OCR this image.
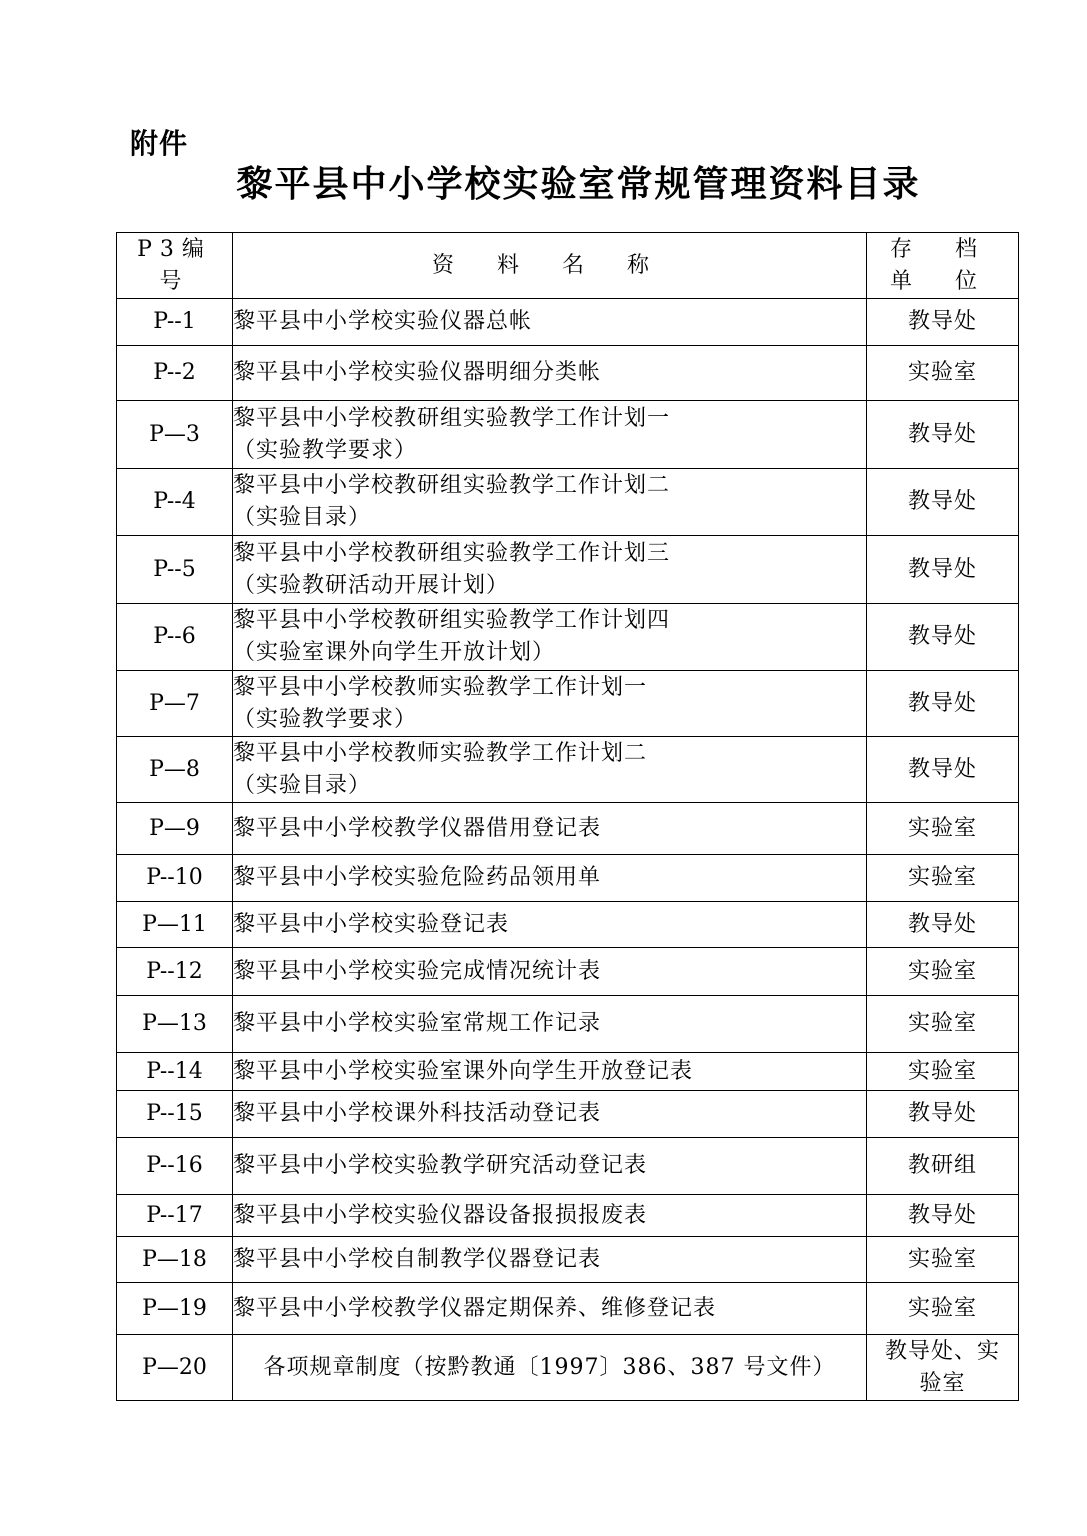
附件
黎平县中小学校实验室常规管理资料目录
P3编 号	资 料 名 称	存 档
单 位

P--1	黎平县中小学校实验仪器总帐	教导处
P--2	黎平县中小学校实验仪器明细分类帐	实验室
P—3	黎平县中小学校教研组实验教学工作计划一
（实验教学要求）	教导处
P--4	黎平县中小学校教研组实验教学工作计划二
（实验目录）	教导处
P--5	黎平县中小学校教研组实验教学工作计划三
（实验教研活动开展计划）	教导处
P--6	黎平县中小学校教研组实验教学工作计划四
（实验室课外向学生开放计划）	教导处
P—7	黎平县中小学校教师实验教学工作计划一
（实验教学要求）	教导处
P—8	黎平县中小学校教师实验教学工作计划二
（实验目录）	教导处
P—9	黎平县中小学校教学仪器借用登记表	实验室
P--10	黎平县中小学校实验危险药品领用单	实验室
P—11	黎平县中小学校实验登记表	教导处
P--12	黎平县中小学校实验完成情况统计表	实验室
P—13	黎平县中小学校实验室常规工作记录	实验室
P--14	黎平县中小学校实验室课外向学生开放登记表	实验室
P--15	黎平县中小学校课外科技活动登记表	教导处
P--16	黎平县中小学校实验教学研究活动登记表	教研组
P--17	黎平县中小学校实验仪器设备报损报废表	教导处
P—18	黎平县中小学校自制教学仪器登记表	实验室
P—19	黎平县中小学校教学仪器定期保养、维修登记表	实验室
P—20	各项规章制度（按黔教通〔1997〕386、387 号文件）	教导处、实
验室
